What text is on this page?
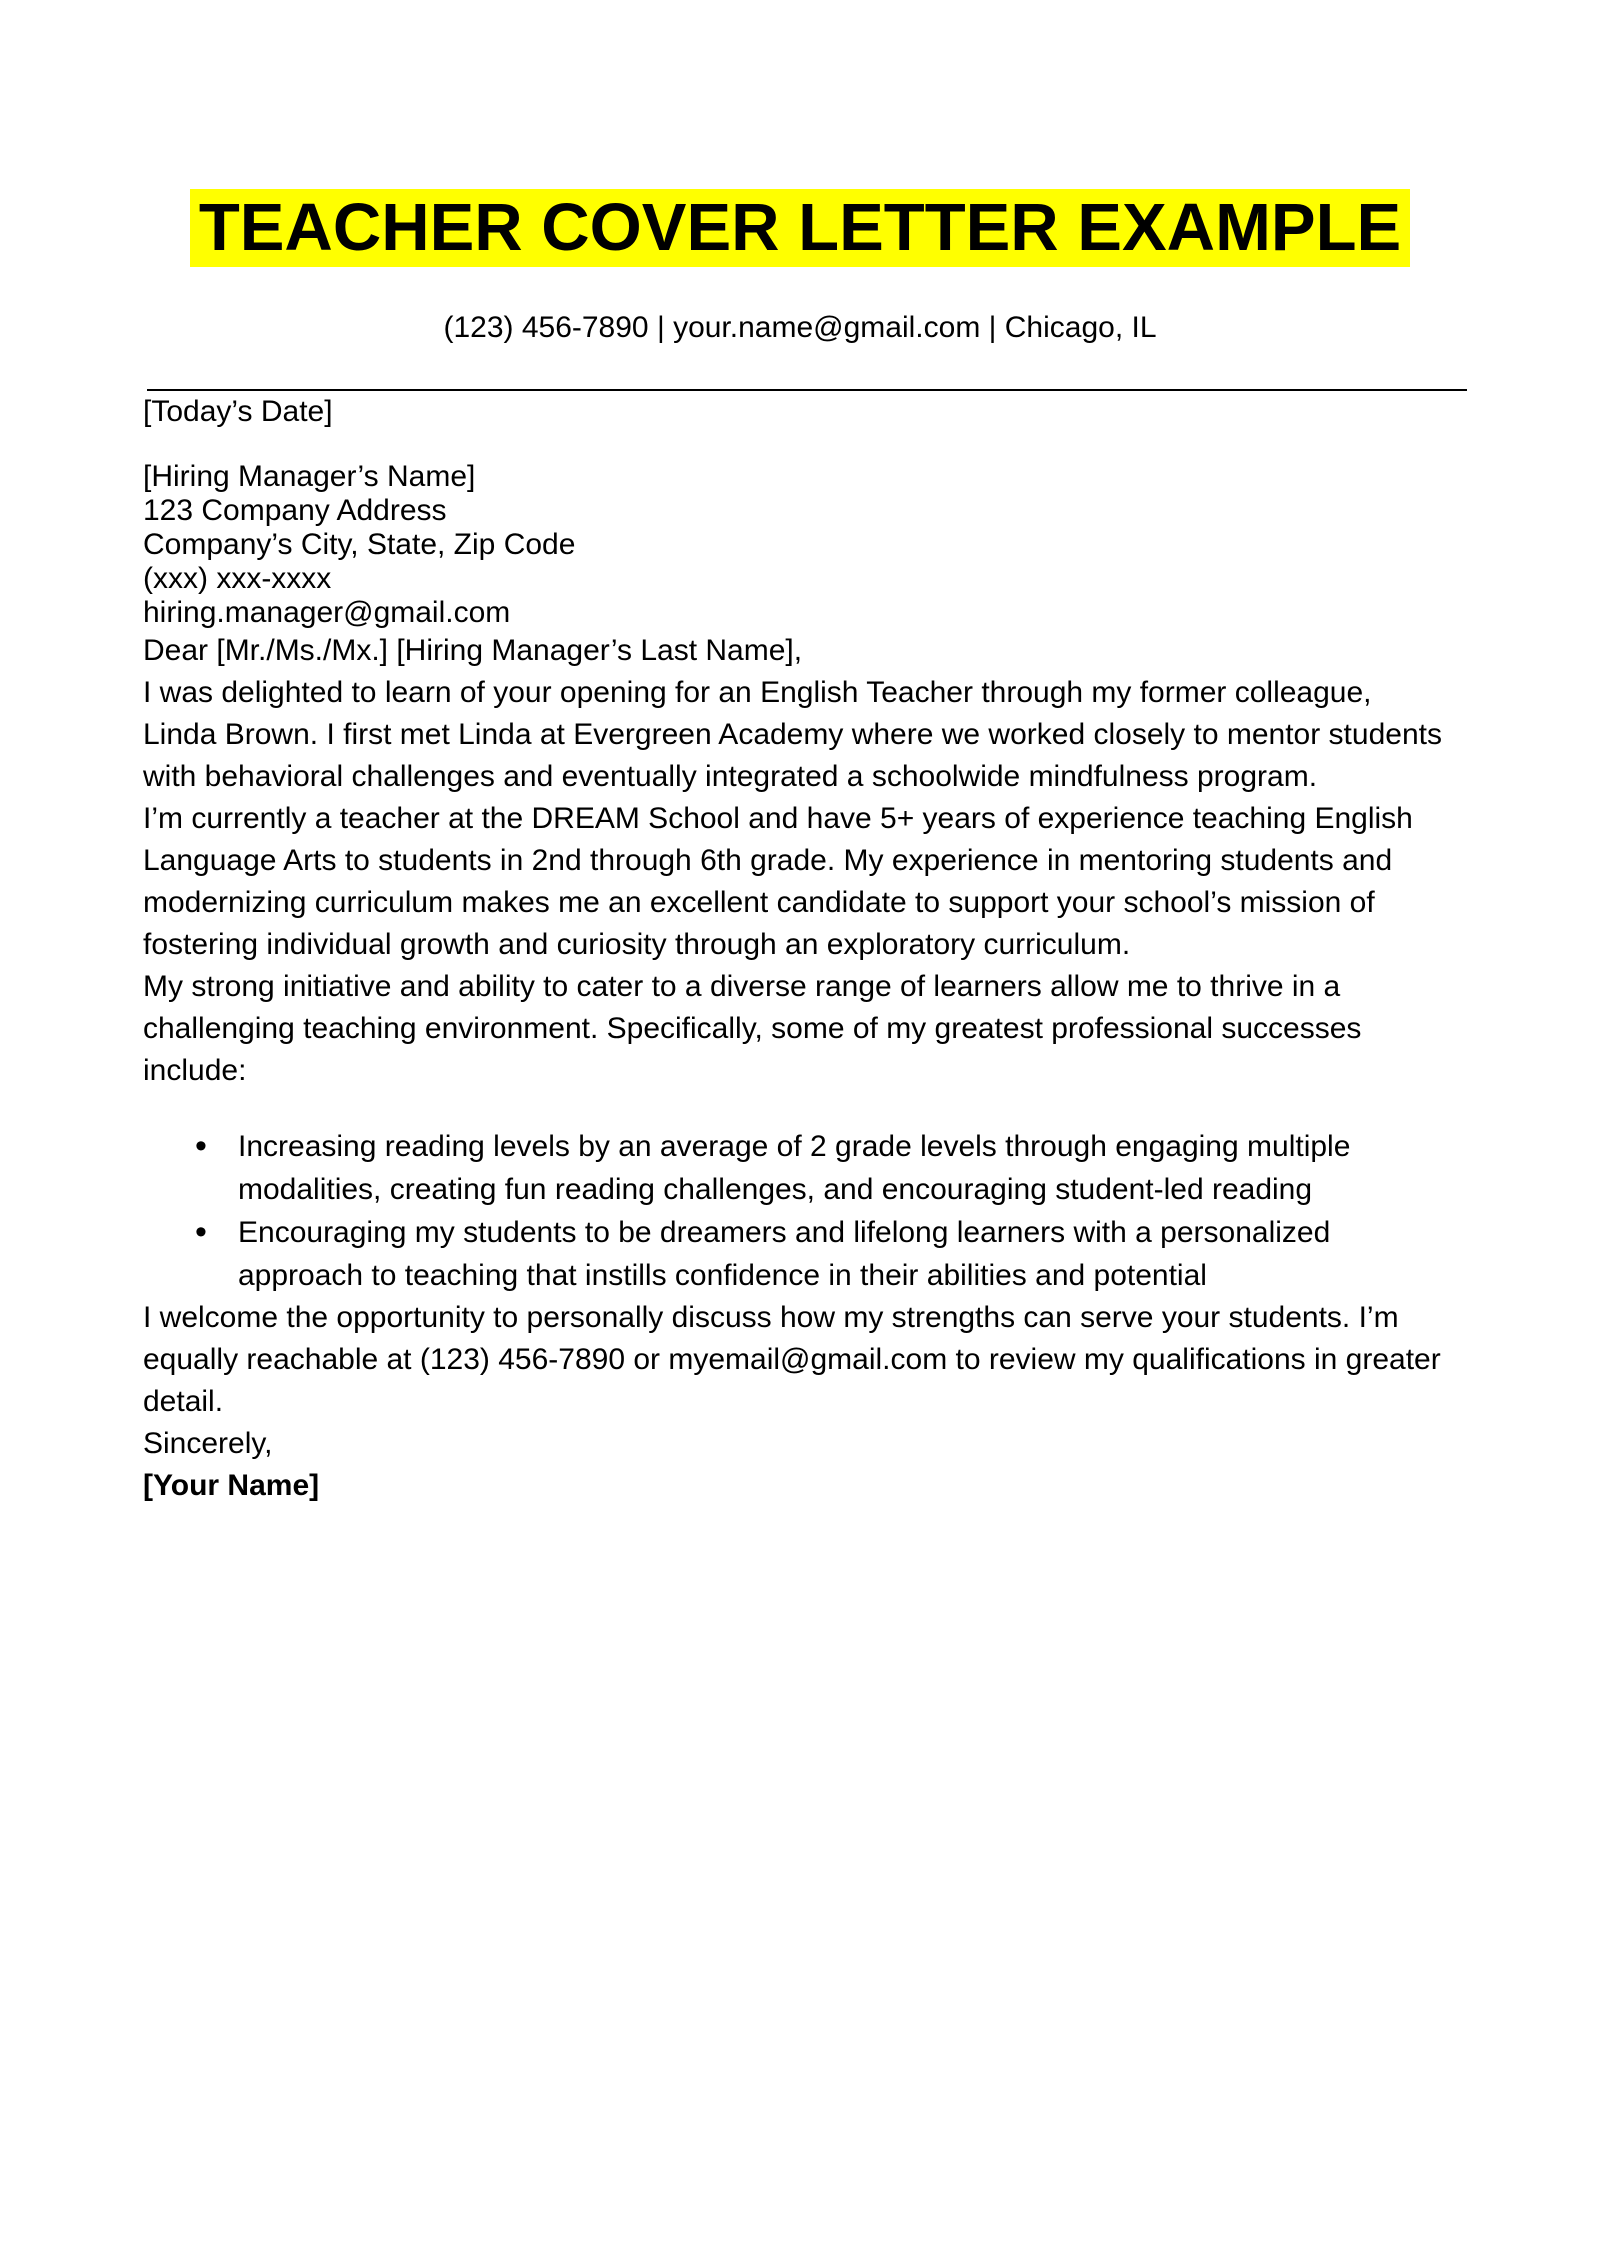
TEACHER COVER LETTER EXAMPLE
(123) 456-7890 | your.name@gmail.com | Chicago, IL

[Today’s Date]

[Hiring Manager’s Name]
123 Company Address
Company’s City, State, Zip Code
(xxx) xxx-xxxx
hiring.manager@gmail.com

Dear [Mr./Ms./Mx.] [Hiring Manager’s Last Name],

I was delighted to learn of your opening for an English Teacher through my former colleague, Linda Brown. I first met Linda at Evergreen Academy where we worked closely to mentor students with behavioral challenges and eventually integrated a schoolwide mindfulness program.

I’m currently a teacher at the DREAM School and have 5+ years of experience teaching English Language Arts to students in 2nd through 6th grade. My experience in mentoring students and modernizing curriculum makes me an excellent candidate to support your school’s mission of fostering individual growth and curiosity through an exploratory curriculum.

My strong initiative and ability to cater to a diverse range of learners allow me to thrive in a challenging teaching environment. Specifically, some of my greatest professional successes include:

• Increasing reading levels by an average of 2 grade levels through engaging multiple modalities, creating fun reading challenges, and encouraging student-led reading
• Encouraging my students to be dreamers and lifelong learners with a personalized approach to teaching that instills confidence in their abilities and potential

I welcome the opportunity to personally discuss how my strengths can serve your students. I’m equally reachable at (123) 456-7890 or myemail@gmail.com to review my qualifications in greater detail.

Sincerely,

[Your Name]
